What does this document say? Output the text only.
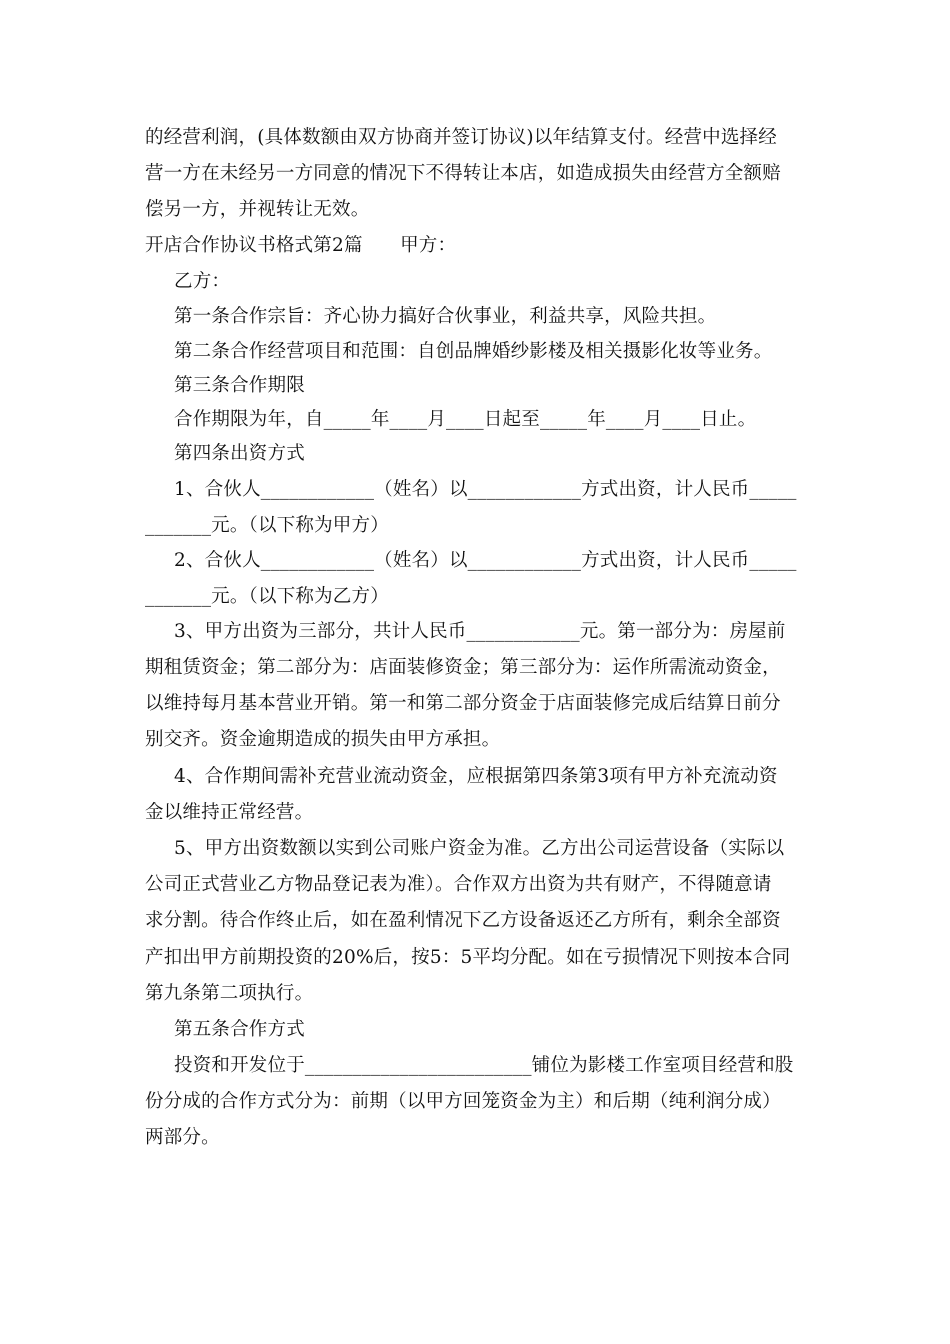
的经营利润，(具体数额由双方协商并签订协议)以年结算支付。经营中选择经
营一方在未经另一方同意的情况下不得转让本店，如造成损失由经营方全额赔
偿另一方，并视转让无效。
开店合作协议书格式第2篇　　甲方：
乙方：
第一条合作宗旨：齐心协力搞好合伙事业，利益共享，风险共担。
第二条合作经营项目和范围：自创品牌婚纱影楼及相关摄影化妆等业务。
第三条合作期限
合作期限为年，自_____年____月____日起至_____年____月____日止。
第四条出资方式
1、合伙人____________（姓名）以____________方式出资，计人民币_____
_______元。（以下称为甲方）
2、合伙人____________（姓名）以____________方式出资，计人民币_____
_______元。（以下称为乙方）
3、甲方出资为三部分，共计人民币____________元。第一部分为：房屋前
期租赁资金；第二部分为：店面装修资金；第三部分为：运作所需流动资金，
以维持每月基本营业开销。第一和第二部分资金于店面装修完成后结算日前分
别交齐。资金逾期造成的损失由甲方承担。
4、合作期间需补充营业流动资金，应根据第四条第3项有甲方补充流动资
金以维持正常经营。
5、甲方出资数额以实到公司账户资金为准。乙方出公司运营设备（实际以
公司正式营业乙方物品登记表为准）。合作双方出资为共有财产，不得随意请
求分割。待合作终止后，如在盈利情况下乙方设备返还乙方所有，剩余全部资
产扣出甲方前期投资的20%后，按5：5平均分配。如在亏损情况下则按本合同
第九条第二项执行。
第五条合作方式
投资和开发位于________________________铺位为影楼工作室项目经营和股
份分成的合作方式分为：前期（以甲方回笼资金为主）和后期（纯利润分成）
两部分。
